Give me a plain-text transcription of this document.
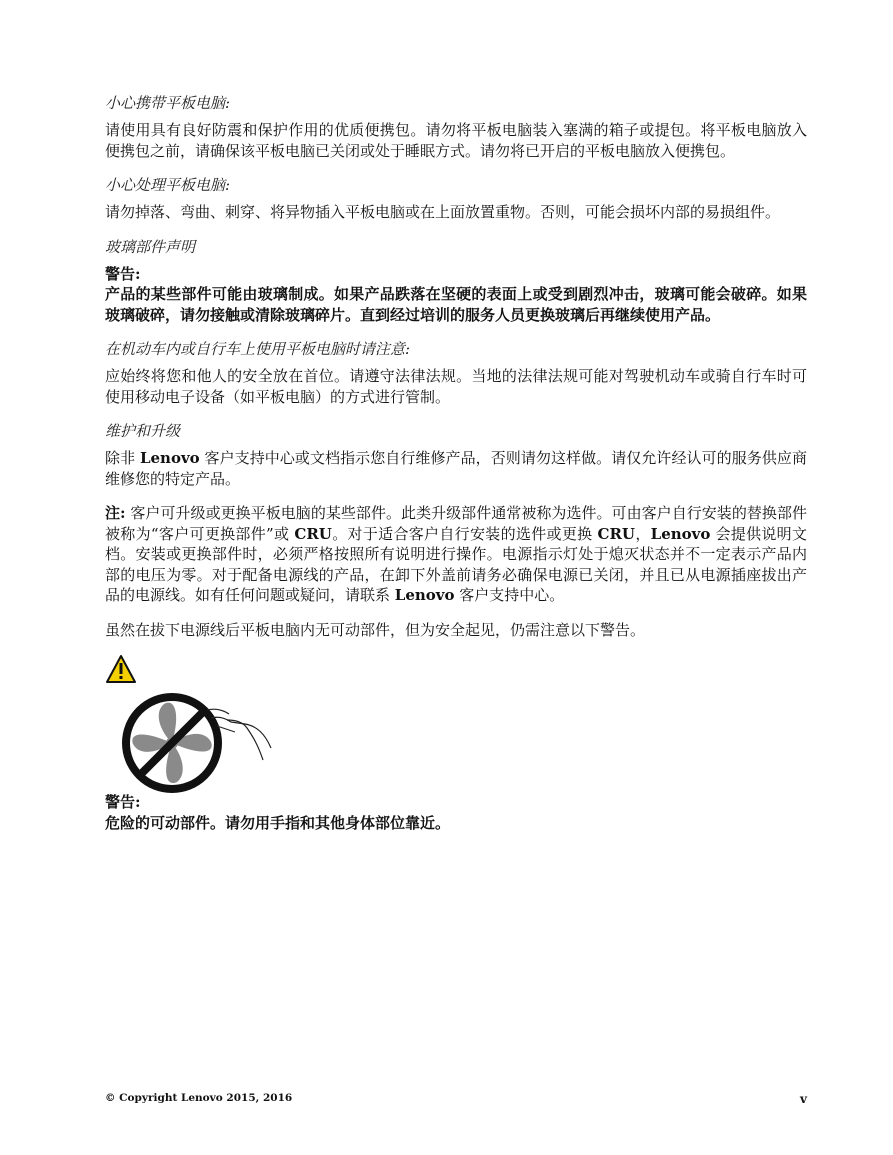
小心携带平板电脑:

请使用具有良好防震和保护作用的优质便携包。请勿将平板电脑装入塞满的箱子或提包。将平板电脑放入便携包之前，请确保该平板电脑已关闭或处于睡眠方式。请勿将已开启的平板电脑放入便携包。

小心处理平板电脑:

请勿掉落、弯曲、刺穿、将异物插入平板电脑或在上面放置重物。否则，可能会损坏内部的易损组件。

玻璃部件声明

警告:

产品的某些部件可能由玻璃制成。如果产品跌落在坚硬的表面上或受到剧烈冲击，玻璃可能会破碎。如果玻璃破碎，请勿接触或清除玻璃碎片。直到经过培训的服务人员更换玻璃后再继续使用产品。

在机动车内或自行车上使用平板电脑时请注意:

应始终将您和他人的安全放在首位。请遵守法律法规。当地的法律法规可能对驾驶机动车或骑自行车时可使用移动电子设备（如平板电脑）的方式进行管制。

维护和升级

除非 Lenovo 客户支持中心或文档指示您自行维修产品，否则请勿这样做。请仅允许经认可的服务供应商维修您的特定产品。

注: 客户可升级或更换平板电脑的某些部件。此类升级部件通常被称为选件。可由客户自行安装的替换部件被称为“客户可更换部件”或 CRU。对于适合客户自行安装的选件或更换 CRU，Lenovo 会提供说明文档。安装或更换部件时，必须严格按照所有说明进行操作。电源指示灯处于熄灭状态并不一定表示产品内部的电压为零。对于配备电源线的产品，在卸下外盖前请务必确保电源已关闭，并且已从电源插座拔出产品的电源线。如有任何问题或疑问，请联系 Lenovo 客户支持中心。

虽然在拔下电源线后平板电脑内无可动部件，但为安全起见，仍需注意以下警告。

警告:

危险的可动部件。请勿用手指和其他身体部位靠近。

© Copyright Lenovo 2015, 2016	v
